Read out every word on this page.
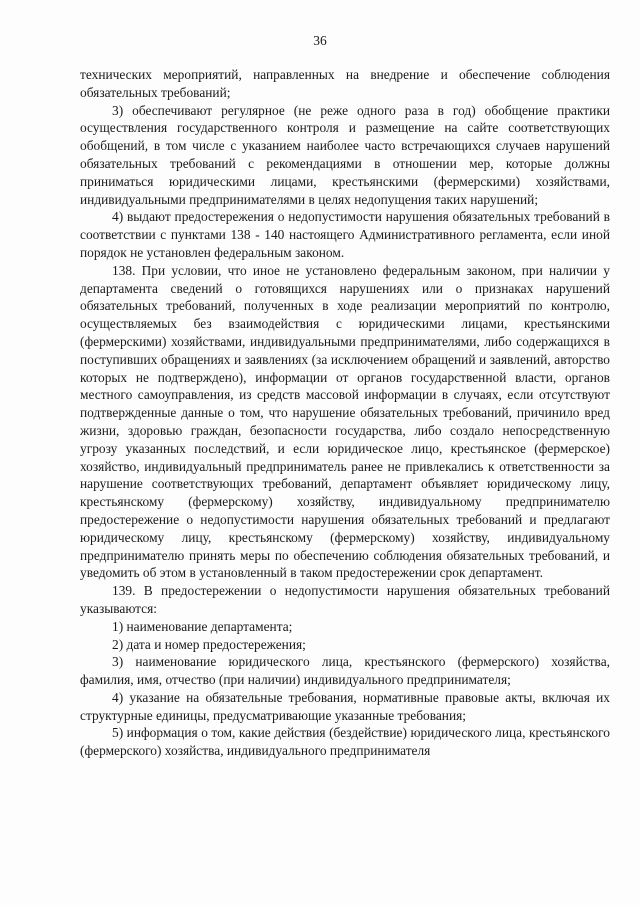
36

технических мероприятий, направленных на внедрение и обеспечение соблюдения обязательных требований;

3) обеспечивают регулярное (не реже одного раза в год) обобщение практики осуществления государственного контроля и размещение на сайте соответствующих обобщений, в том числе с указанием наиболее часто встречающихся случаев нарушений обязательных требований с рекомендациями в отношении мер, которые должны приниматься юридическими лицами, крестьянскими (фермерскими) хозяйствами, индивидуальными предпринимателями в целях недопущения таких нарушений;

4) выдают предостережения о недопустимости нарушения обязательных требований в соответствии с пунктами 138 - 140 настоящего Административного регламента, если иной порядок не установлен федеральным законом.

138. При условии, что иное не установлено федеральным законом, при наличии у департамента сведений о готовящихся нарушениях или о признаках нарушений обязательных требований, полученных в ходе реализации мероприятий по контролю, осуществляемых без взаимодействия с юридическими лицами, крестьянскими (фермерскими) хозяйствами, индивидуальными предпринимателями, либо содержащихся в поступивших обращениях и заявлениях (за исключением обращений и заявлений, авторство которых не подтверждено), информации от органов государственной власти, органов местного самоуправления, из средств массовой информации в случаях, если отсутствуют подтвержденные данные о том, что нарушение обязательных требований, причинило вред жизни, здоровью граждан, безопасности государства, либо создало непосредственную угрозу указанных последствий, и если юридическое лицо, крестьянское (фермерское) хозяйство, индивидуальный предприниматель ранее не привлекались к ответственности за нарушение соответствующих требований, департамент объявляет юридическому лицу, крестьянскому (фермерскому) хозяйству, индивидуальному предпринимателю предостережение о недопустимости нарушения обязательных требований и предлагают юридическому лицу, крестьянскому (фермерскому) хозяйству, индивидуальному предпринимателю принять меры по обеспечению соблюдения обязательных требований, и уведомить об этом в установленный в таком предостережении срок департамент.

139. В предостережении о недопустимости нарушения обязательных требований указываются:

1) наименование департамента;

2) дата и номер предостережения;

3) наименование юридического лица, крестьянского (фермерского) хозяйства, фамилия, имя, отчество (при наличии) индивидуального предпринимателя;

4) указание на обязательные требования, нормативные правовые акты, включая их структурные единицы, предусматривающие указанные требования;

5) информация о том, какие действия (бездействие) юридического лица, крестьянского (фермерского) хозяйства, индивидуального предпринимателя
